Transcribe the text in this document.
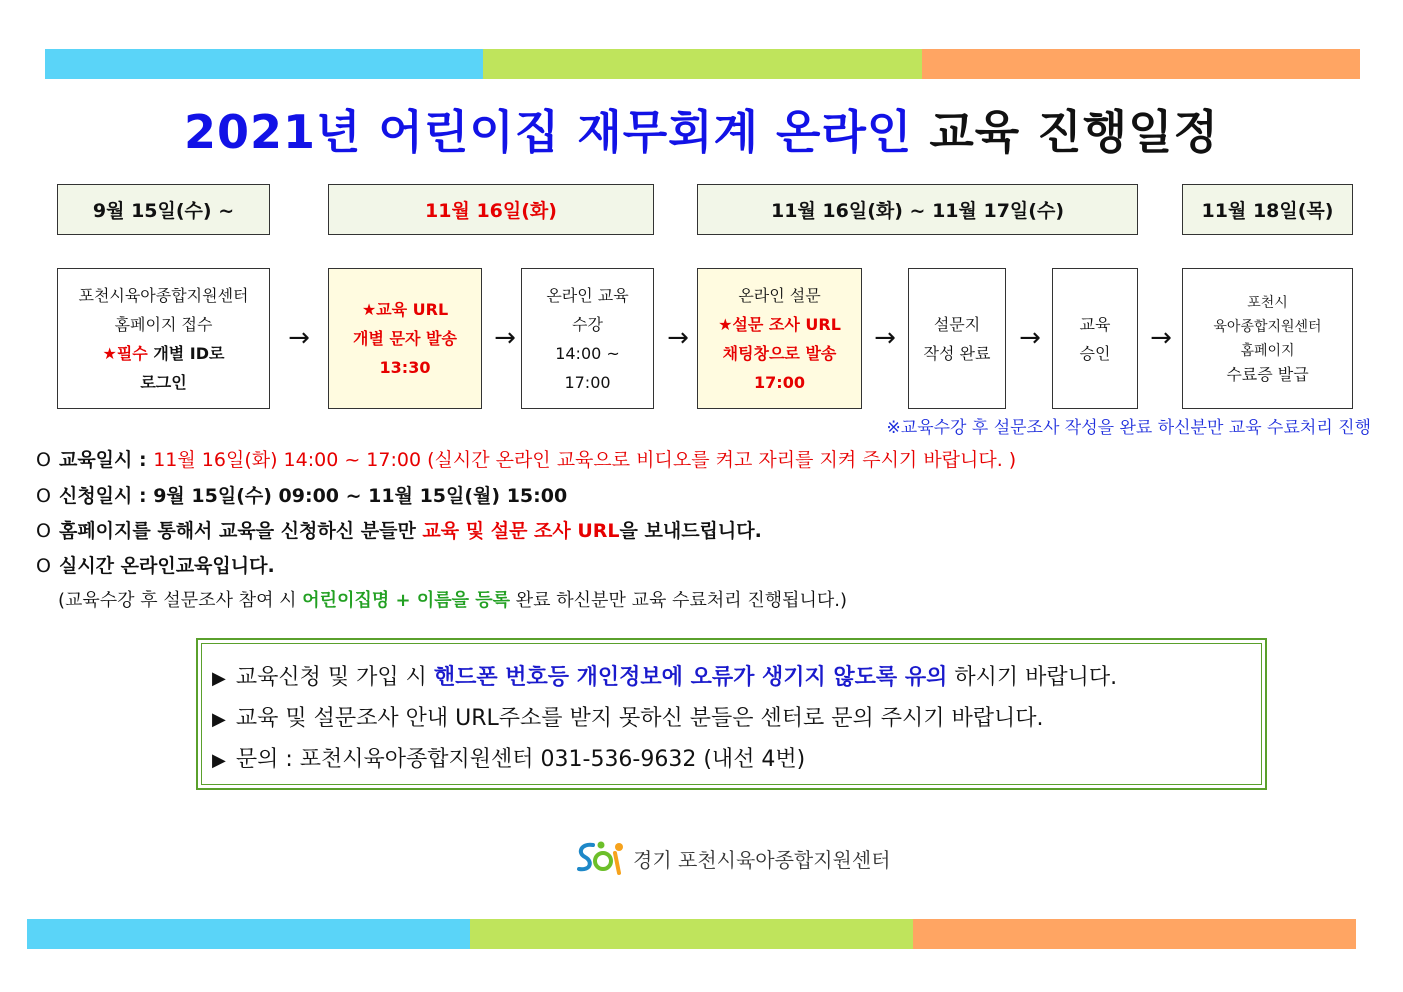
2021년 어린이집 재무회계 온라인 교육 진행일정
9월 15일(수) ~	11월 16일(화)	11월 16일(화) ~ 11월 17일(수)	11월 18일(목)
포천시육아종합지원센터
홈페이지 접수
★필수 개별 ID로
로그인
→
★교육 URL
개별 문자 발송
13:30
→
온라인 교육
수강
14:00 ~
17:00
→
온라인 설문
★설문 조사 URL
채팅창으로 발송
17:00
→	설문지
작성 완료	→	교육
승인	→
포천시
육아종합지원센터
홈페이지
수료증 발급
※교육수강 후 설문조사 작성을 완료 하신분만 교육 수료처리 진행
O 교육일시 : 11월 16일(화) 14:00 ~ 17:00 (실시간 온라인 교육으로 비디오를 켜고 자리를 지켜 주시기 바랍니다. )
O 신청일시 : 9월 15일(수) 09:00 ~ 11월 15일(월) 15:00
O 홈페이지를 통해서 교육을 신청하신 분들만 교육 및 설문 조사 URL을 보내드립니다.
O 실시간 온라인교육입니다.
(교육수강 후 설문조사 참여 시 어린이집명 + 이름을 등록 완료 하신분만 교육 수료처리 진행됩니다.)
▶ 교육신청 및 가입 시 핸드폰 번호등 개인정보에 오류가 생기지 않도록 유의 하시기 바랍니다.
▶ 교육 및 설문조사 안내 URL주소를 받지 못하신 분들은 센터로 문의 주시기 바랍니다.
▶ 문의 : 포천시육아종합지원센터 031-536-9632 (내선 4번)
경기 포천시육아종합지원센터
